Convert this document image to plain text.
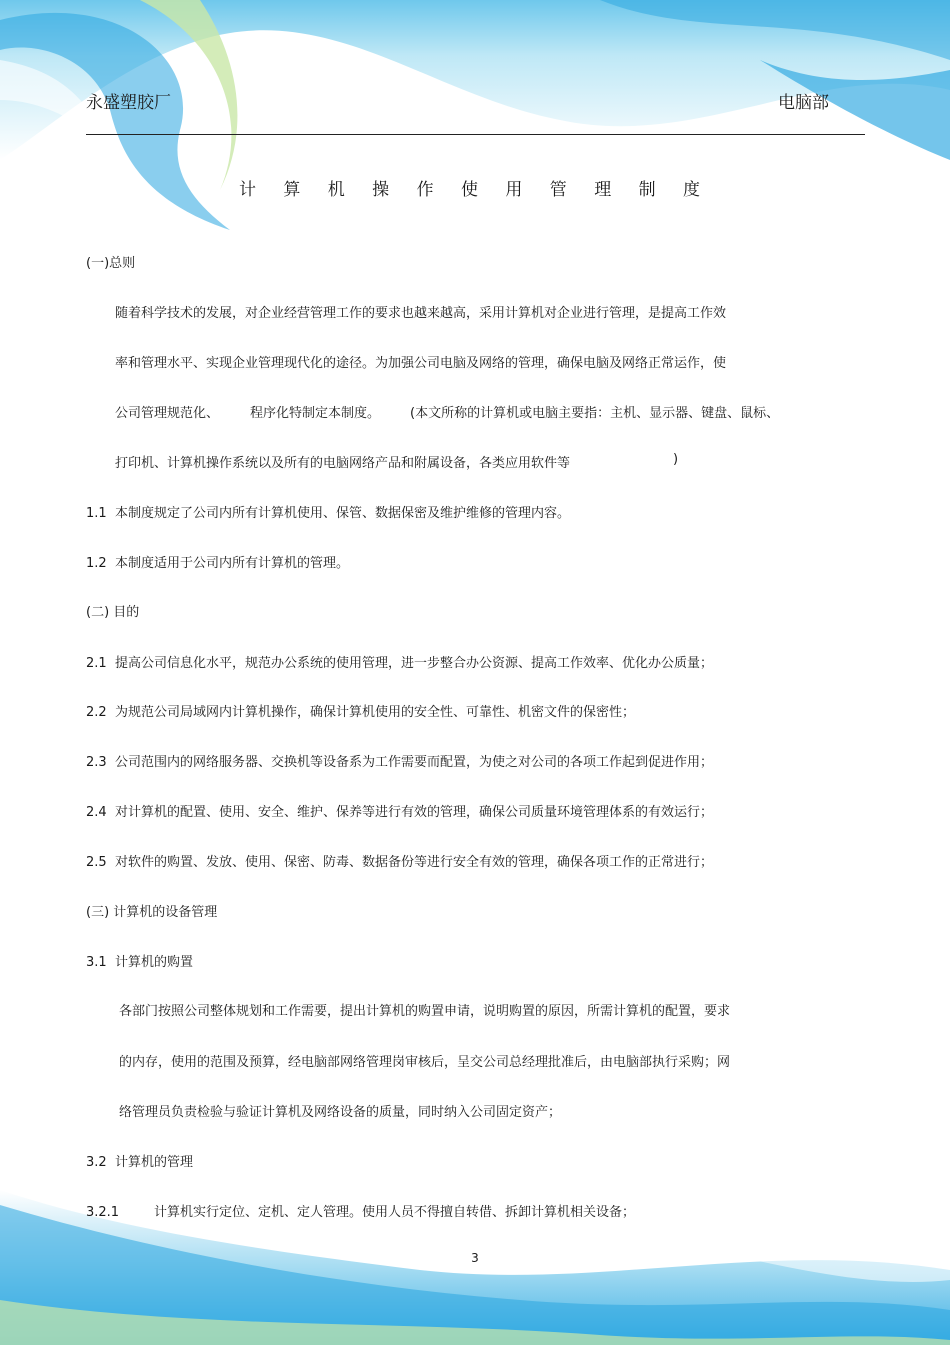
永盛塑胶厂	电脑部
计 算 机 操 作 使 用 管 理 制 度
(一)总则
随着科学技术的发展，对企业经营管理工作的要求也越来越高，采用计算机对企业进行管理，是提高工作效
率和管理水平、实现企业管理现代化的途径。为加强公司电脑及网络的管理，确保电脑及网络正常运作，使
公司管理规范化、 程序化特制定本制度。 (本文所称的计算机或电脑主要指：主机、显示器、键盘、鼠标、
打印机、计算机操作系统以及所有的电脑网络产品和附属设备，各类应用软件等	)
1.1 本制度规定了公司内所有计算机使用、保管、数据保密及维护维修的管理内容。
1.2 本制度适用于公司内所有计算机的管理。
(二) 目的
2.1 提高公司信息化水平，规范办公系统的使用管理，进一步整合办公资源、提高工作效率、优化办公质量；
2.2 为规范公司局域网内计算机操作，确保计算机使用的安全性、可靠性、机密文件的保密性；
2.3 公司范围内的网络服务器、交换机等设备系为工作需要而配置，为使之对公司的各项工作起到促进作用；
2.4 对计算机的配置、使用、安全、维护、保养等进行有效的管理，确保公司质量环境管理体系的有效运行；
2.5 对软件的购置、发放、使用、保密、防毒、数据备份等进行安全有效的管理，确保各项工作的正常进行；
(三) 计算机的设备管理
3.1 计算机的购置
各部门按照公司整体规划和工作需要，提出计算机的购置申请，说明购置的原因，所需计算机的配置，要求
的内存，使用的范围及预算，经电脑部网络管理岗审核后，呈交公司总经理批准后，由电脑部执行采购；网
络管理员负责检验与验证计算机及网络设备的质量，同时纳入公司固定资产；
3.2 计算机的管理
3.2.1	计算机实行定位、定机、定人管理。使用人员不得擅自转借、拆卸计算机相关设备；
3
